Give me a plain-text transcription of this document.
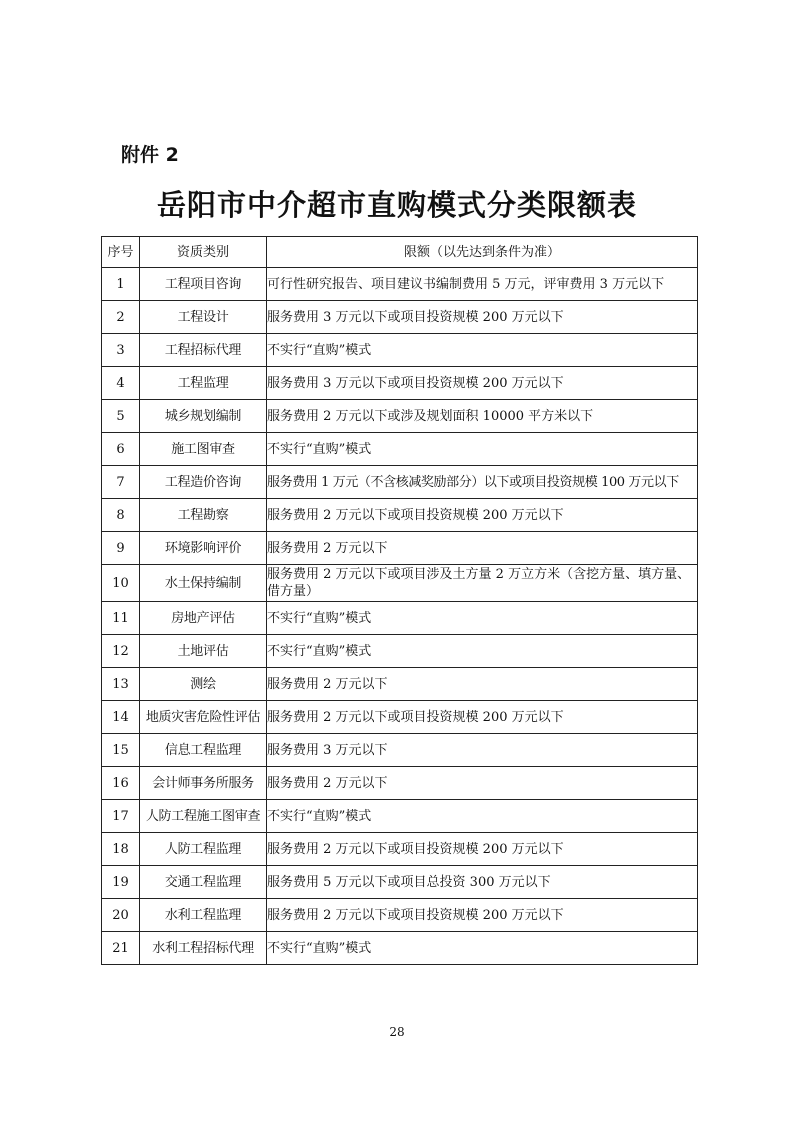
附件 2
岳阳市中介超市直购模式分类限额表
序号	资质类别	限额（以先达到条件为准）
1	工程项目咨询	可行性研究报告、项目建议书编制费用 5 万元，评审费用 3 万元以下
2	工程设计	服务费用 3 万元以下或项目投资规模 200 万元以下
3	工程招标代理	不实行“直购”模式
4	工程监理	服务费用 3 万元以下或项目投资规模 200 万元以下
5	城乡规划编制	服务费用 2 万元以下或涉及规划面积 10000 平方米以下
6	施工图审查	不实行“直购”模式
7	工程造价咨询	服务费用 1 万元（不含核减奖励部分）以下或项目投资规模 100 万元以下
8	工程勘察	服务费用 2 万元以下或项目投资规模 200 万元以下
9	环境影响评价	服务费用 2 万元以下
10	水土保持编制	服务费用 2 万元以下或项目涉及土方量 2 万立方米（含挖方量、填方量、借方量）
11	房地产评估	不实行“直购”模式
12	土地评估	不实行“直购”模式
13	测绘	服务费用 2 万元以下
14	地质灾害危险性评估	服务费用 2 万元以下或项目投资规模 200 万元以下
15	信息工程监理	服务费用 3 万元以下
16	会计师事务所服务	服务费用 2 万元以下
17	人防工程施工图审查	不实行“直购”模式
18	人防工程监理	服务费用 2 万元以下或项目投资规模 200 万元以下
19	交通工程监理	服务费用 5 万元以下或项目总投资 300 万元以下
20	水利工程监理	服务费用 2 万元以下或项目投资规模 200 万元以下
21	水利工程招标代理	不实行“直购”模式
28
